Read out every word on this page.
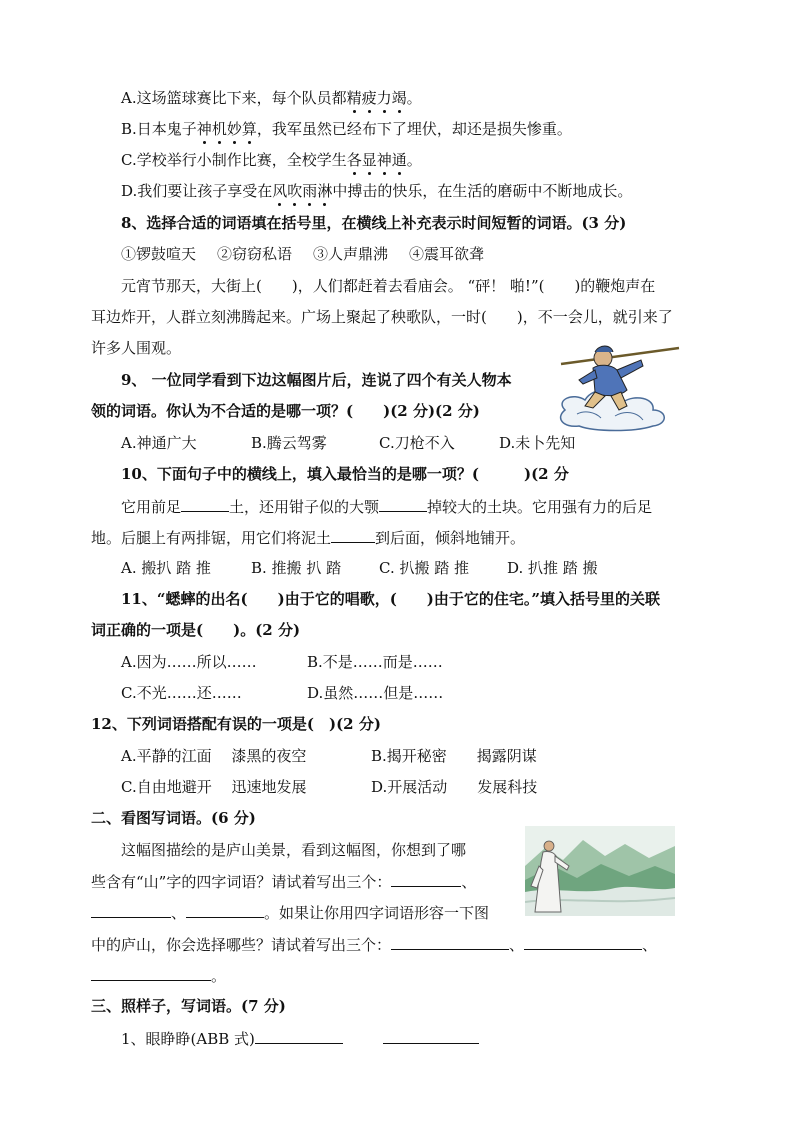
A.这场篮球赛比下来，每个队员都精疲力竭。
B.日本鬼子神机妙算，我军虽然已经布下了埋伏，却还是损失惨重。
C.学校举行小制作比赛，全校学生各显神通。
D.我们要让孩子享受在风吹雨淋中搏击的快乐，在生活的磨砺中不断地成长。
8、选择合适的词语填在括号里，在横线上补充表示时间短暂的词语。(3 分)
①锣鼓喧天 ②窃窃私语 ③人声鼎沸 ④震耳欲聋
元宵节那天，大街上(　　)，人们都赶着去看庙会。 “砰！ 啪!”(　　)的鞭炮声在
耳边炸开，人群立刻沸腾起来。广场上聚起了秧歌队，一时(　　)，不一会儿，就引来了
许多人围观。
9、 一位同学看到下边这幅图片后，连说了四个有关人物本
领的词语。你认为不合适的是哪一项？(　　)(2 分)(2 分)
A.神通广大	B.腾云驾雾	C.刀枪不入	D.未卜先知
10、下面句子中的横线上，填入最恰当的是哪一项？(　　　)(2 分
它用前足	土，还用钳子似的大颚	掉较大的土块。它用强有力的后足
地。后腿上有两排锯，用它们将泥土	到后面，倾斜地铺开。
A. 搬扒 踏 推	B. 推搬 扒 踏	C. 扒搬 踏 推	D. 扒推 踏 搬
11、“蟋蟀的出名(　　)由于它的唱歌，(　　)由于它的住宅。”填入括号里的关联
词正确的一项是(　　)。(2 分)
A.因为……所以……	B.不是……而是……
C.不光……还……	D.虽然……但是……
12、下列词语搭配有误的一项是(　)(2 分)
A.平静的江面　 漆黑的夜空	B.揭开秘密　　揭露阴谋
C.自由地避开　 迅速地发展	D.开展活动　　发展科技
二、看图写词语。(6 分)
这幅图描绘的是庐山美景，看到这幅图，你想到了哪
些含有“山”字的四字词语？请试着写出三个：	、
、	。如果让你用四字词语形容一下图
中的庐山，你会选择哪些？请试着写出三个：	、	、
。
三、照样子，写词语。(7 分)
1、眼睁睁(ABB 式)
